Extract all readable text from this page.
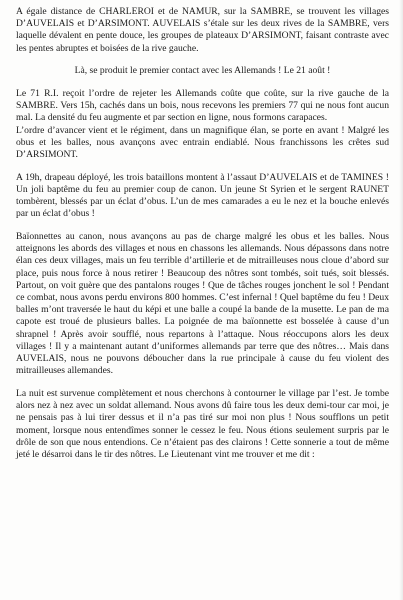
A égale distance de CHARLEROI et de NAMUR, sur la SAMBRE, se trouvent les villages D’AUVELAIS et D’ARSIMONT. AUVELAIS s’étale sur les deux rives de la SAMBRE, vers laquelle dévalent en pente douce, les groupes de plateaux D’ARSIMONT, faisant contraste avec les pentes abruptes et boisées de la rive gauche.

Là, se produit le premier contact avec les Allemands ! Le 21 août !

Le 71 R.I. reçoit l’ordre de rejeter les Allemands coûte que coûte, sur la rive gauche de la SAMBRE. Vers 15h, cachés dans un bois, nous recevons les premiers 77 qui ne nous font aucun mal. La densité du feu augmente et par section en ligne, nous formons carapaces.

L’ordre d’avancer vient et le régiment, dans un magnifique élan, se porte en avant ! Malgré les obus et les balles, nous avançons avec entrain endiablé. Nous franchissons les crêtes sud D’ARSIMONT.

A 19h, drapeau déployé, les trois bataillons montent à l’assaut D’AUVELAIS et de TAMINES ! Un joli baptême du feu au premier coup de canon. Un jeune St Syrien et le sergent RAUNET tombèrent, blessés par un éclat d’obus. L’un de mes camarades a eu le nez et la bouche enlevés par un éclat d’obus !

Baïonnettes au canon, nous avançons au pas de charge malgré les obus et les balles. Nous atteignons les abords des villages et nous en chassons les allemands. Nous dépassons dans notre élan ces deux villages, mais un feu terrible d’artillerie et de mitrailleuses nous cloue d’abord sur place, puis nous force à nous retirer ! Beaucoup des nôtres sont tombés, soit tués, soit blessés. Partout, on voit guère que des pantalons rouges ! Que de tâches rouges jonchent le sol ! Pendant ce combat, nous avons perdu environs 800 hommes. C’est infernal ! Quel baptême du feu ! Deux balles m’ont traversée le haut du képi et une balle a coupé la bande de la musette. Le pan de ma capote est troué de plusieurs balles. La poignée de ma baïonnette est bosselée à cause d’un shrapnel ! Après avoir soufflé, nous repartons à l’attaque. Nous réoccupons alors les deux villages ! Il y a maintenant autant d’uniformes allemands par terre que des nôtres… Mais dans AUVELAIS, nous ne pouvons déboucher dans la rue principale à cause du feu violent des mitrailleuses allemandes.

La nuit est survenue complètement et nous cherchons à contourner le village par l’est. Je tombe alors nez à nez avec un soldat allemand. Nous avons dû faire tous les deux demi-tour car moi, je ne pensais pas à lui tirer dessus et il n’a pas tiré sur moi non plus ! Nous soufflons un petit moment, lorsque nous entendîmes sonner le cessez le feu. Nous étions seulement surpris par le drôle de son que nous entendions. Ce n’étaient pas des clairons ! Cette sonnerie a tout de même jeté le désarroi dans le tir des nôtres. Le Lieutenant vint me trouver et me dit :
